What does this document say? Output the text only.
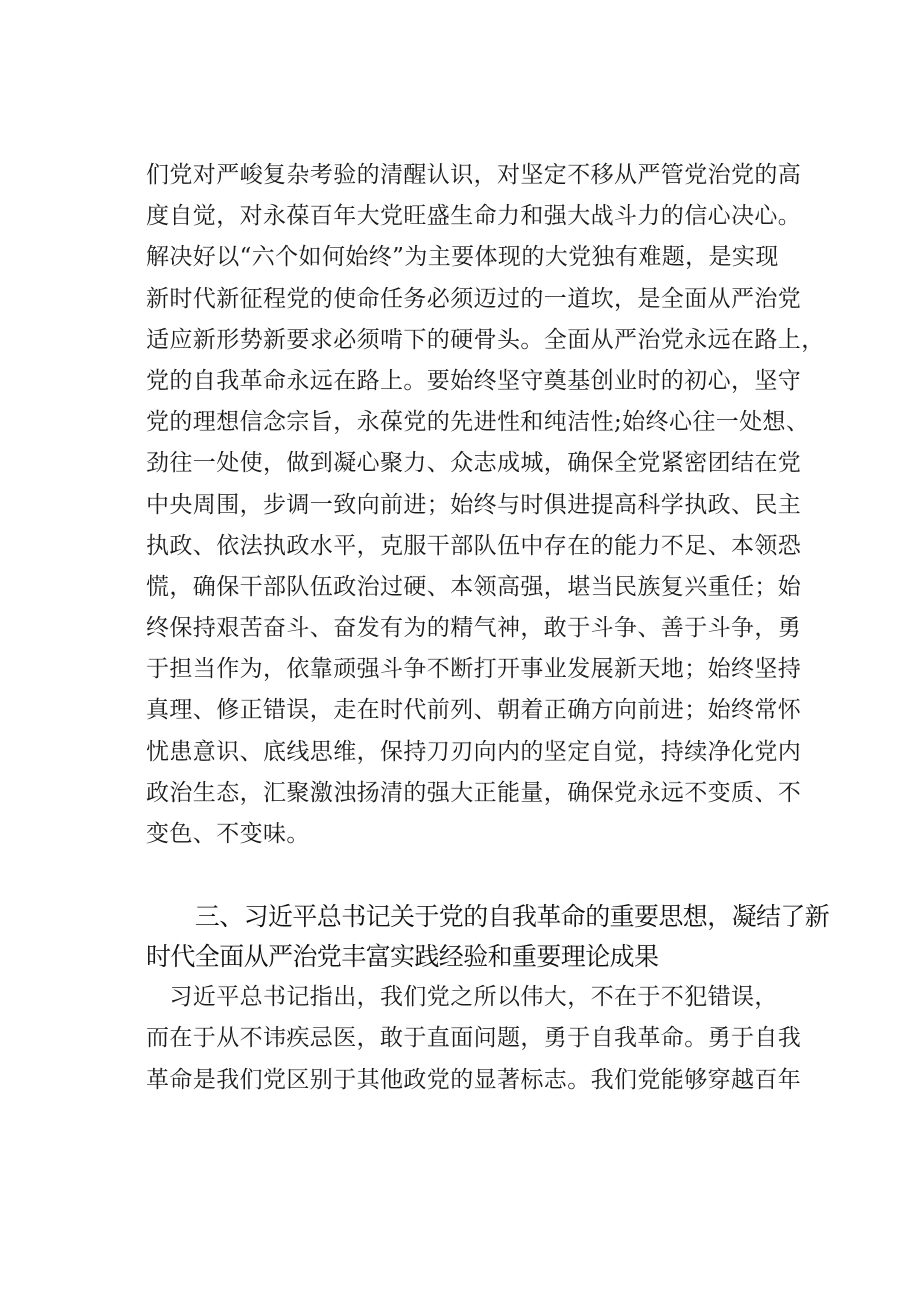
们党对严峻复杂考验的清醒认识，对坚定不移从严管党治党的高
度自觉，对永葆百年大党旺盛生命力和强大战斗力的信心决心。
解决好以“六个如何始终”为主要体现的大党独有难题，是实现
新时代新征程党的使命任务必须迈过的一道坎，是全面从严治党
适应新形势新要求必须啃下的硬骨头。全面从严治党永远在路上，
党的自我革命永远在路上。要始终坚守奠基创业时的初心，坚守
党的理想信念宗旨，永葆党的先进性和纯洁性;始终心往一处想、
劲往一处使，做到凝心聚力、众志成城，确保全党紧密团结在党
中央周围，步调一致向前进；始终与时俱进提高科学执政、民主
执政、依法执政水平，克服干部队伍中存在的能力不足、本领恐
慌，确保干部队伍政治过硬、本领高强，堪当民族复兴重任；始
终保持艰苦奋斗、奋发有为的精气神，敢于斗争、善于斗争，勇
于担当作为，依靠顽强斗争不断打开事业发展新天地；始终坚持
真理、修正错误，走在时代前列、朝着正确方向前进；始终常怀
忧患意识、底线思维，保持刀刃向内的坚定自觉，持续净化党内
政治生态，汇聚激浊扬清的强大正能量，确保党永远不变质、不
变色、不变味。
　　三、习近平总书记关于党的自我革命的重要思想，凝结了新
时代全面从严治党丰富实践经验和重要理论成果
　习近平总书记指出，我们党之所以伟大，不在于不犯错误，
而在于从不讳疾忌医，敢于直面问题，勇于自我革命。勇于自我
革命是我们党区别于其他政党的显著标志。我们党能够穿越百年
